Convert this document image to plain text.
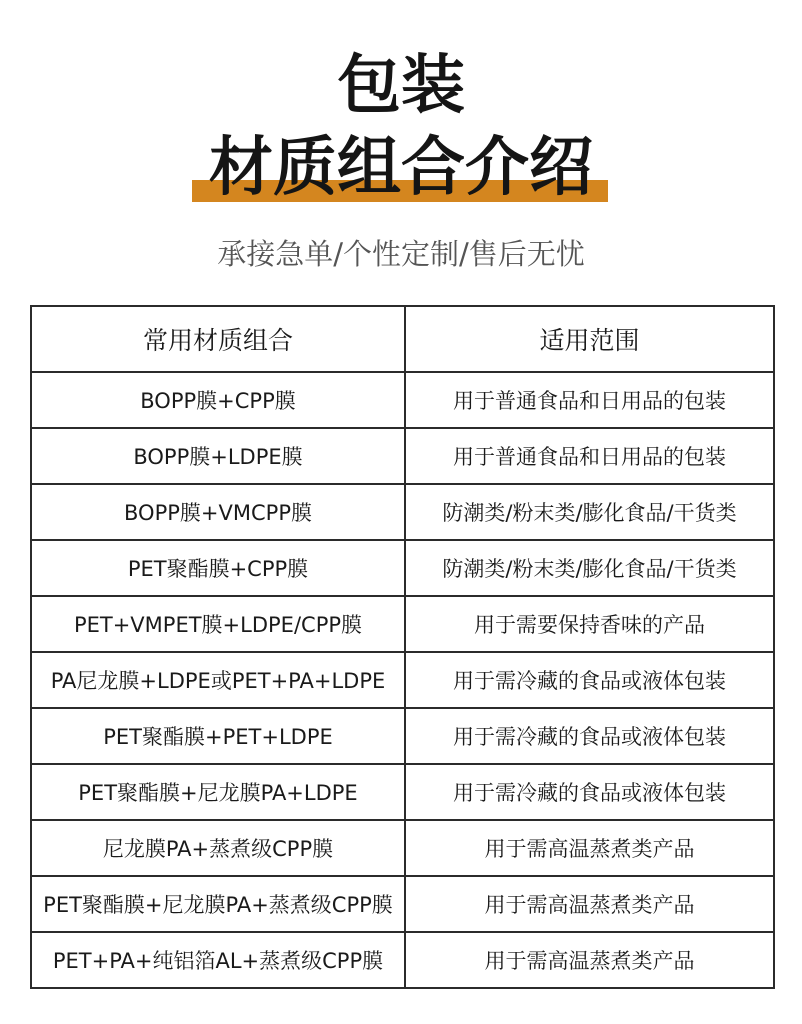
包装
材质组合介绍
承接急单/个性定制/售后无忧
常用材质组合	适用范围
BOPP膜+CPP膜	用于普通食品和日用品的包装
BOPP膜+LDPE膜	用于普通食品和日用品的包装
BOPP膜+VMCPP膜	防潮类/粉末类/膨化食品/干货类
PET聚酯膜+CPP膜	防潮类/粉末类/膨化食品/干货类
PET+VMPET膜+LDPE/CPP膜	用于需要保持香味的产品
PA尼龙膜+LDPE或PET+PA+LDPE	用于需冷藏的食品或液体包装
PET聚酯膜+PET+LDPE	用于需冷藏的食品或液体包装
PET聚酯膜+尼龙膜PA+LDPE	用于需冷藏的食品或液体包装
尼龙膜PA+蒸煮级CPP膜	用于需高温蒸煮类产品
PET聚酯膜+尼龙膜PA+蒸煮级CPP膜	用于需高温蒸煮类产品
PET+PA+纯铝箔AL+蒸煮级CPP膜	用于需高温蒸煮类产品
